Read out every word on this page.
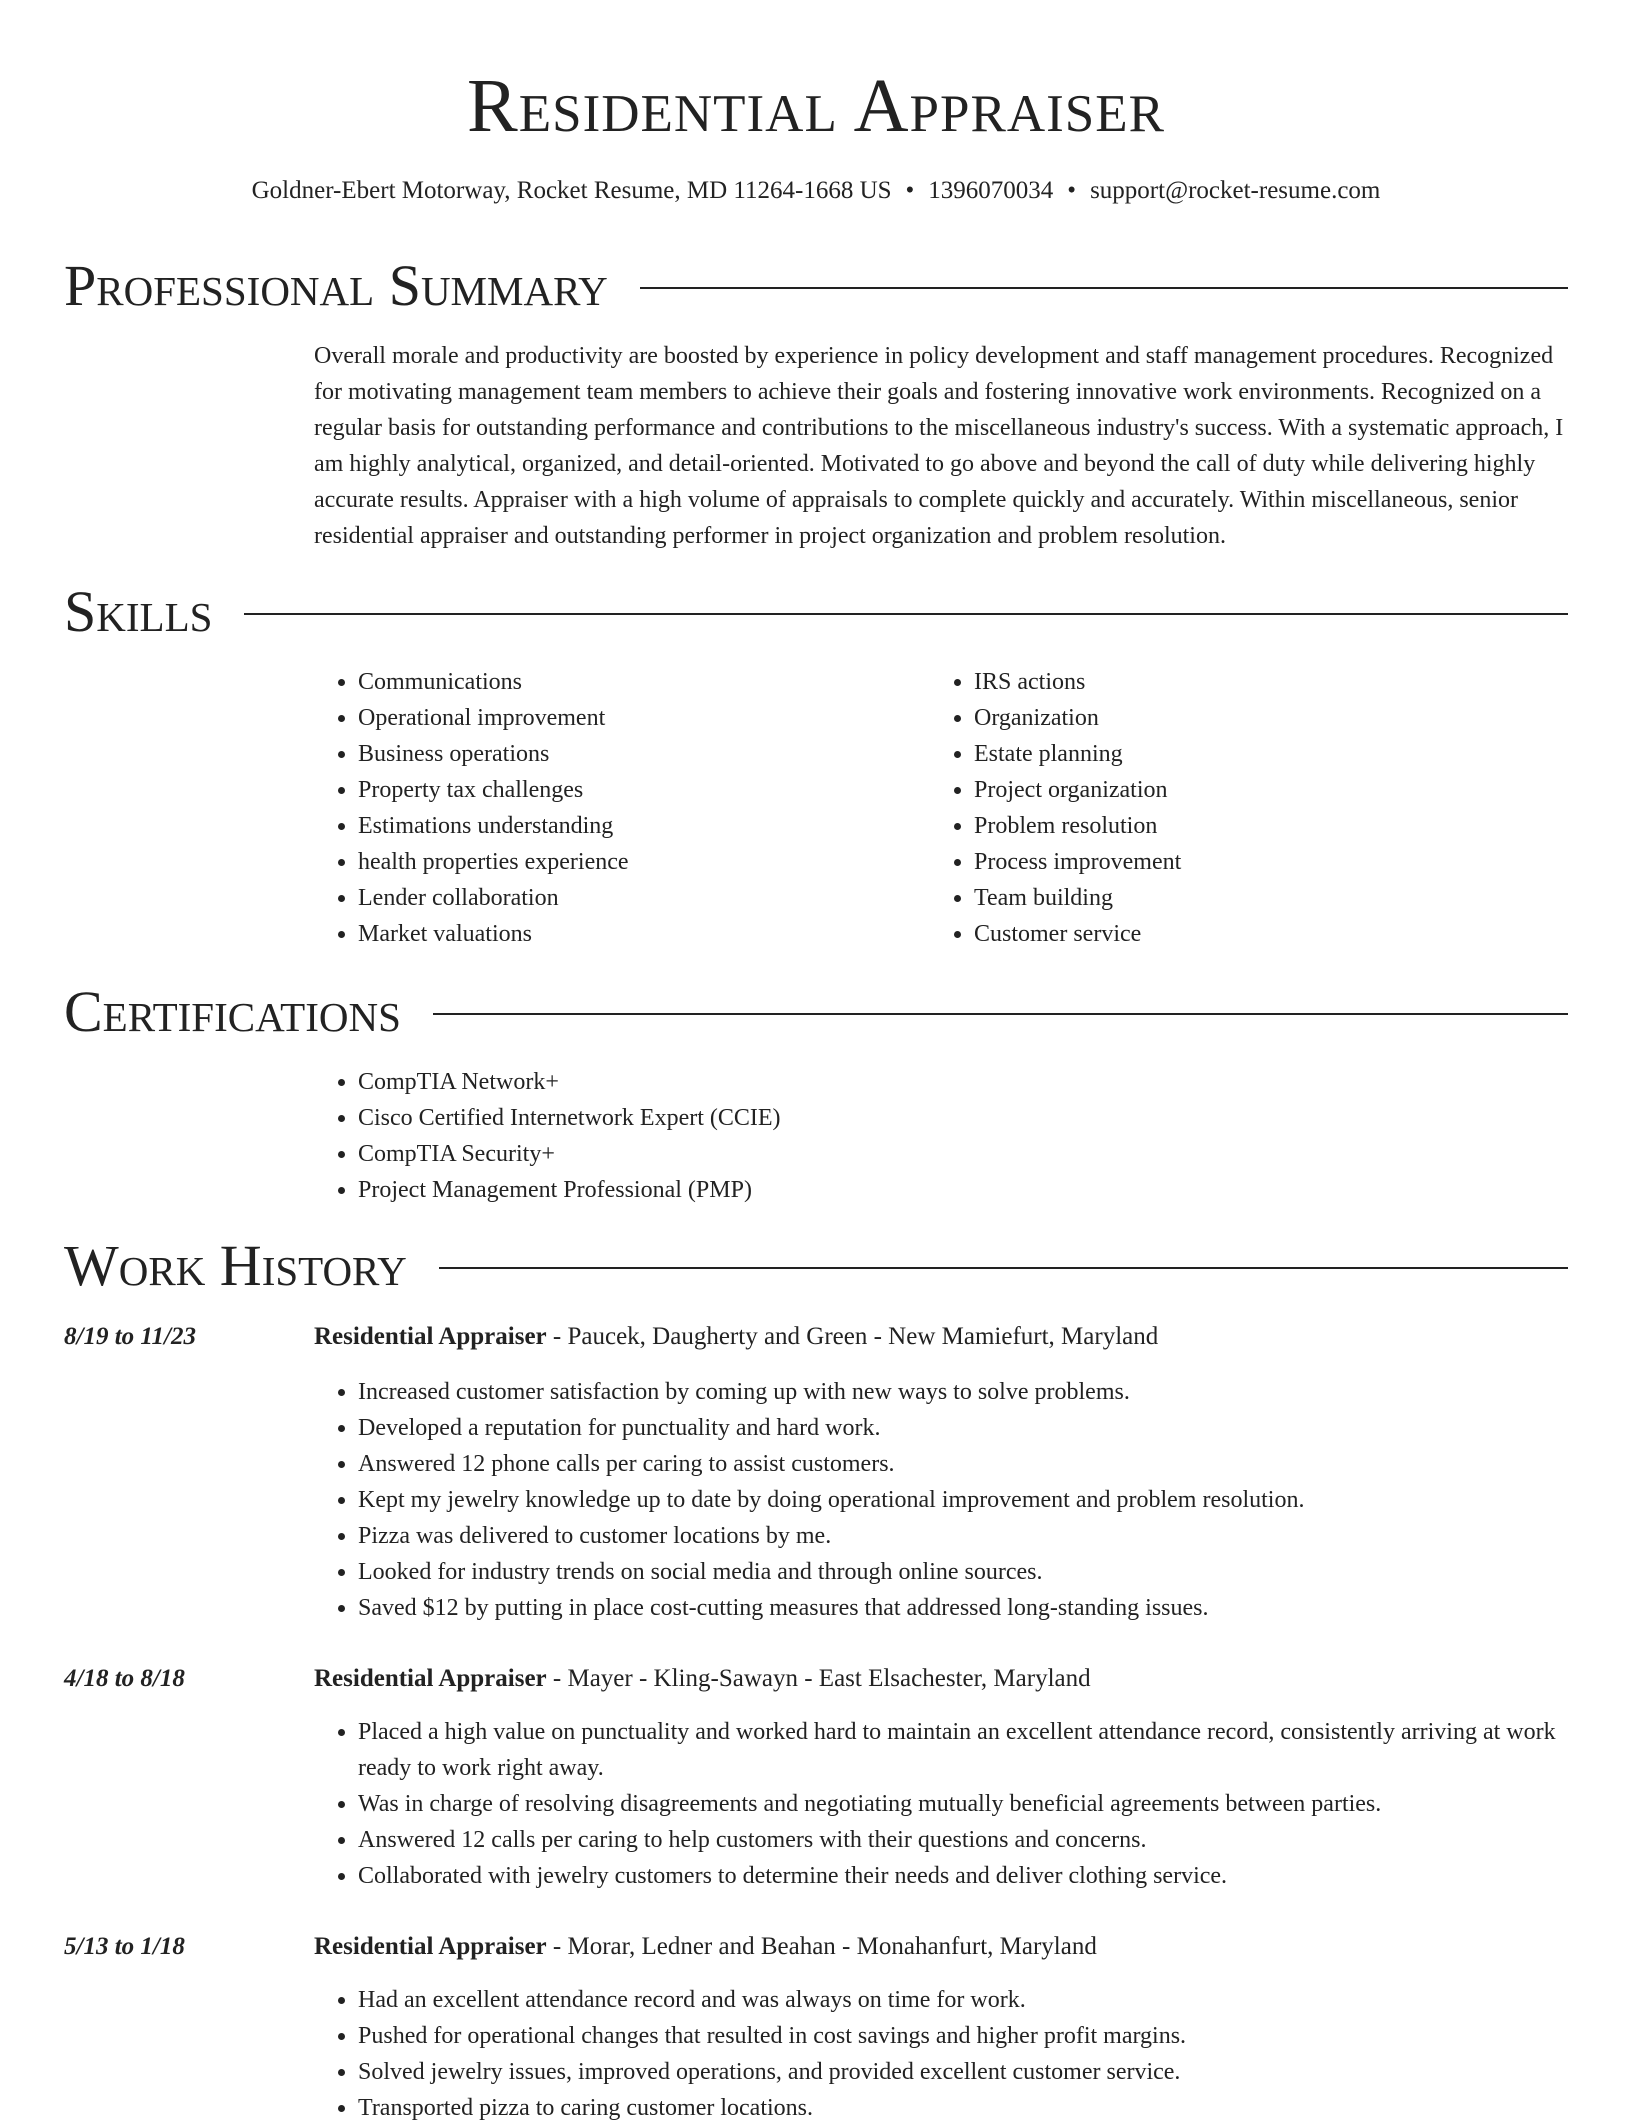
Residential Appraiser
Goldner-Ebert Motorway, Rocket Resume, MD 11264-1668 US • 1396070034 • support@rocket-resume.com
Professional Summary

Overall morale and productivity are boosted by experience in policy development and staff management procedures. Recognized for motivating management team members to achieve their goals and fostering innovative work environments. Recognized on a regular basis for outstanding performance and contributions to the miscellaneous industry's success. With a systematic approach, I am highly analytical, organized, and detail-oriented. Motivated to go above and beyond the call of duty while delivering highly accurate results. Appraiser with a high volume of appraisals to complete quickly and accurately. Within miscellaneous, senior residential appraiser and outstanding performer in project organization and problem resolution.

Skills
• Communications
• Operational improvement
• Business operations
• Property tax challenges
• Estimations understanding
• health properties experience
• Lender collaboration
• Market valuations
• IRS actions
• Organization
• Estate planning
• Project organization
• Problem resolution
• Process improvement
• Team building
• Customer service
Certifications
• CompTIA Network+
• Cisco Certified Internetwork Expert (CCIE)
• CompTIA Security+
• Project Management Professional (PMP)
Work History
8/19 to 11/23	Residential Appraiser - Paucek, Daugherty and Green - New Mamiefurt, Maryland
• Increased customer satisfaction by coming up with new ways to solve problems.
• Developed a reputation for punctuality and hard work.
• Answered 12 phone calls per caring to assist customers.
• Kept my jewelry knowledge up to date by doing operational improvement and problem resolution.
• Pizza was delivered to customer locations by me.
• Looked for industry trends on social media and through online sources.
• Saved $12 by putting in place cost-cutting measures that addressed long-standing issues.
4/18 to 8/18	Residential Appraiser - Mayer - Kling-Sawayn - East Elsachester, Maryland
• Placed a high value on punctuality and worked hard to maintain an excellent attendance record, consistently arriving at work ready to work right away.
• Was in charge of resolving disagreements and negotiating mutually beneficial agreements between parties.
• Answered 12 calls per caring to help customers with their questions and concerns.
• Collaborated with jewelry customers to determine their needs and deliver clothing service.
5/13 to 1/18	Residential Appraiser - Morar, Ledner and Beahan - Monahanfurt, Maryland
• Had an excellent attendance record and was always on time for work.
• Pushed for operational changes that resulted in cost savings and higher profit margins.
• Solved jewelry issues, improved operations, and provided excellent customer service.
• Transported pizza to caring customer locations.
